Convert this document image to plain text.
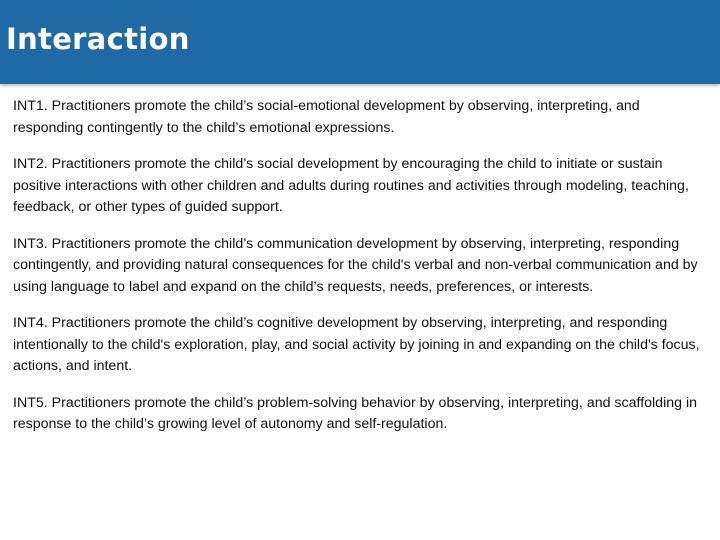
Interaction

INT1. Practitioners promote the child’s social-emotional development by observing, interpreting, and responding contingently to the child’s emotional expressions.

INT2. Practitioners promote the child’s social development by encouraging the child to initiate or sustain positive interactions with other children and adults during routines and activities through modeling, teaching, feedback, or other types of guided support.

INT3. Practitioners promote the child’s communication development by observing, interpreting, responding contingently, and providing natural consequences for the child's verbal and non-verbal communication and by using language to label and expand on the child’s requests, needs, preferences, or interests.

INT4. Practitioners promote the child’s cognitive development by observing, interpreting, and responding intentionally to the child's exploration, play, and social activity by joining in and expanding on the child's focus, actions, and intent.

INT5. Practitioners promote the child’s problem-solving behavior by observing, interpreting, and scaffolding in response to the child’s growing level of autonomy and self-regulation.
